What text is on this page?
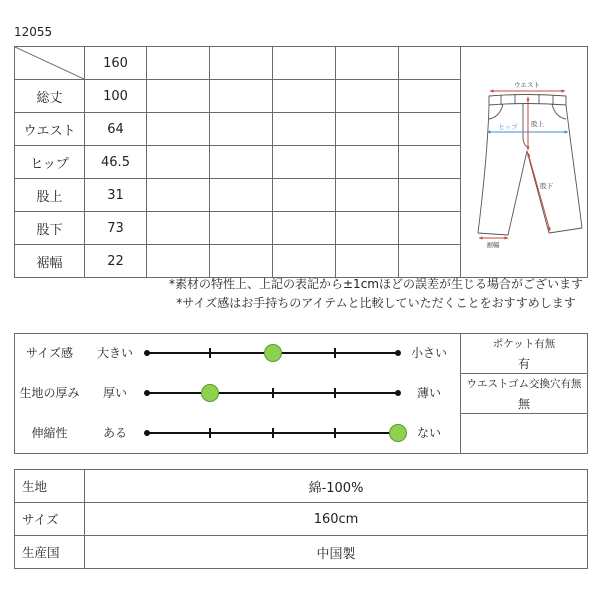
12055
ウエスト
ヒップ 股上
股下
裾幅
160
総丈	100
ウエスト	64
ヒップ	46.5
股上	31
股下	73
裾幅	22
*素材の特性上、上記の表記から±1cmほどの誤差が生じる場合がございます
*サイズ感はお手持ちのアイテムと比較していただくことをおすすめします
サイズ感	大きい	小さい
生地の厚み	厚い	薄い
伸縮性	ある	ない
ポケット有無
有
ウエストゴム交換穴有無
無
生地	綿-100%
サイズ	160cm
生産国	中国製
